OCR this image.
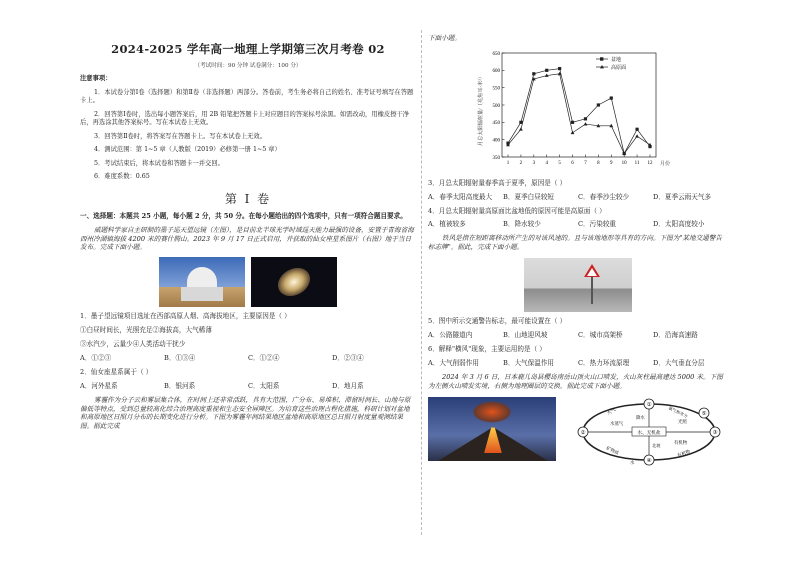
2024-2025 学年高一地理上学期第三次月考卷 02
（考试时间：90 分钟 试卷满分：100 分）
注意事项：
1．本试卷分第Ⅰ卷（选择题）和第Ⅱ卷（非选择题）两部分。答卷前，考生务必将自己的姓名、准考证号填写在答题卡上。
2．回答第Ⅰ卷时，选出每小题答案后，用 2B 铅笔把答题卡上对应题目的答案标号涂黑。如需改动，用橡皮擦干净后，再选涂其他答案标号。写在本试卷上无效。
3．回答第Ⅱ卷时，将答案写在答题卡上。写在本试卷上无效。
4．测试范围：第 1~5 章（人教版（2019）必修第一册 1~5 章）
5．考试结束后，将本试卷和答题卡一并交回。
6．难度系数：0.65
第 I 卷
一、选择题：本题共 25 小题，每小题 2 分，共 50 分。在每小题给出的四个选项中，只有一项符合题目要求。
威题科学家自主研制的墨子巡天望远镜（左图），是目前北半球光学时域巡天能力最强的设备，安置于青海省海西州冷湖镇海拔 4200 米的赛什腾山。2023 年 9 月 17 日正式启用，并获取的仙女座星系图片（右图）地于当日发布。完成下面小题。
1．墨子望远镜项目选址在西部高原人烟、高海拔地区，主要原因是（ ）
①白昼时间长，光照充足②海拔高，大气稀薄
③水汽少，云量少④人类活动干扰少
A．①②③	B．①③④	C．①②④	D．②③④
2．仙女座星系属于（ ）
A．河外星系	B．银河系	C．太阳系	D．地月系
雾霾作为分子云和雾层集合体，在时间上还非常活跃，具有大范围、广分布、易堆积、滞留时间长、山地与原偏低等特点，受到总量较高化综合治理高度重视和生态安全屏障区。为培育这些治理古程化措施，科研计划对盆地和高原地区日照月分布的长期变化进行分析。下图为雾霾年间结果地区盆地和高原地区总日照月射度量观测结果图。据此完成
下面小题。
月总太阳辐射量/（兆焦耳·米²）
月份
盆地
高原面
350
400
450
500
550
600
650
1 2 3 4 5 6 7 8 9 10 11 12
3．月总太阳辐射量春季高于夏季，原因是（ ）
A．春季太阳高度最大	B．夏季白昼较短	C．春季沙尘较少	D．夏季云雨天气多
4．月总太阳辐射量高原面比盆地低的原因可能是高原面（ ）
A．植被较多	B．降水较少	C．污染较重	D．太阳高度较小
铁风是指在短距离移动所产生的对该风速的。且与该地地形等具有的方向。下图为"某地交通警告标志牌"。据此，完成下面小题。
5．图中所示交通警告标志，最可能设置在（ ）
A．公路隧道内	B．山地迎风坡	C．城市高架桥	D．沿海高速路
6．解释"横风"现象，主要运用的是（ ）
A．大气削弱作用	B．大气保温作用	C．热力环流原理	D．大气垂直分层
2024 年 3 月 6 日，日本鹿儿岛县樱岛南岳山顶火山口喷发，火山灰柱最高建达 5000 米。下图为左侧火山喷发实境，右侧为地理圈层的交换。据此完成下面小题。
水、无机盐
①
②	③
④
⑤
大气	氧气和水分
光照
降水
水蒸气
矿物质
有机物
北坡
有机物
水
